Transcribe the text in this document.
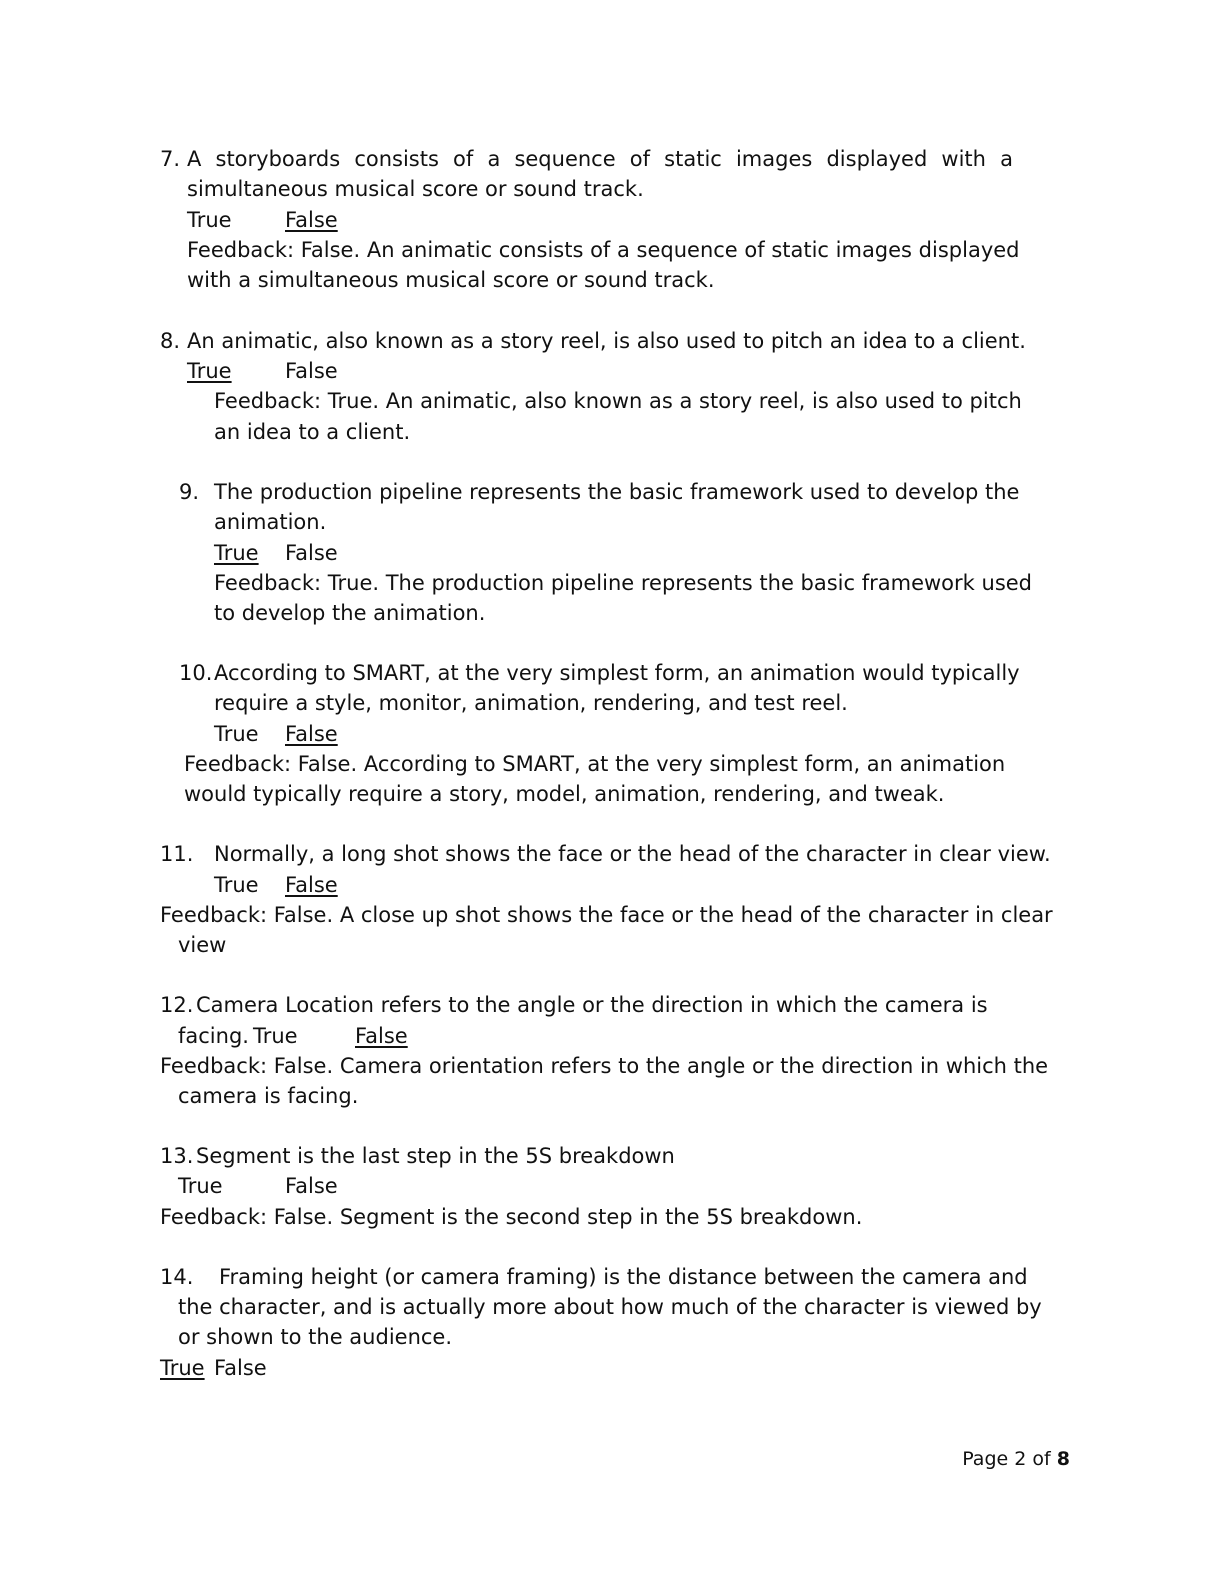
7. A storyboards consists of a sequence of static images displayed with a
simultaneous musical score or sound track.
True	False
Feedback: False. An animatic consists of a sequence of static images displayed
with a simultaneous musical score or sound track.
8. An animatic, also known as a story reel, is also used to pitch an idea to a client.
True	False
Feedback: True. An animatic, also known as a story reel, is also used to pitch
an idea to a client.
9. The production pipeline represents the basic framework used to develop the
animation.
True False
Feedback: True. The production pipeline represents the basic framework used
to develop the animation.
10. According to SMART, at the very simplest form, an animation would typically
require a style, monitor, animation, rendering, and test reel.
True False
Feedback: False. According to SMART, at the very simplest form, an animation
would typically require a story, model, animation, rendering, and tweak.
11. Normally, a long shot shows the face or the head of the character in clear view.
True False
Feedback: False. A close up shot shows the face or the head of the character in clear
view
12. Camera Location refers to the angle or the direction in which the camera is
facing. True	False
Feedback: False. Camera orientation refers to the angle or the direction in which the
camera is facing.
13. Segment is the last step in the 5S breakdown
True	False
Feedback: False. Segment is the second step in the 5S breakdown.
14. Framing height (or camera framing) is the distance between the camera and
the character, and is actually more about how much of the character is viewed by
or shown to the audience.
True False
Page 2 of 8
